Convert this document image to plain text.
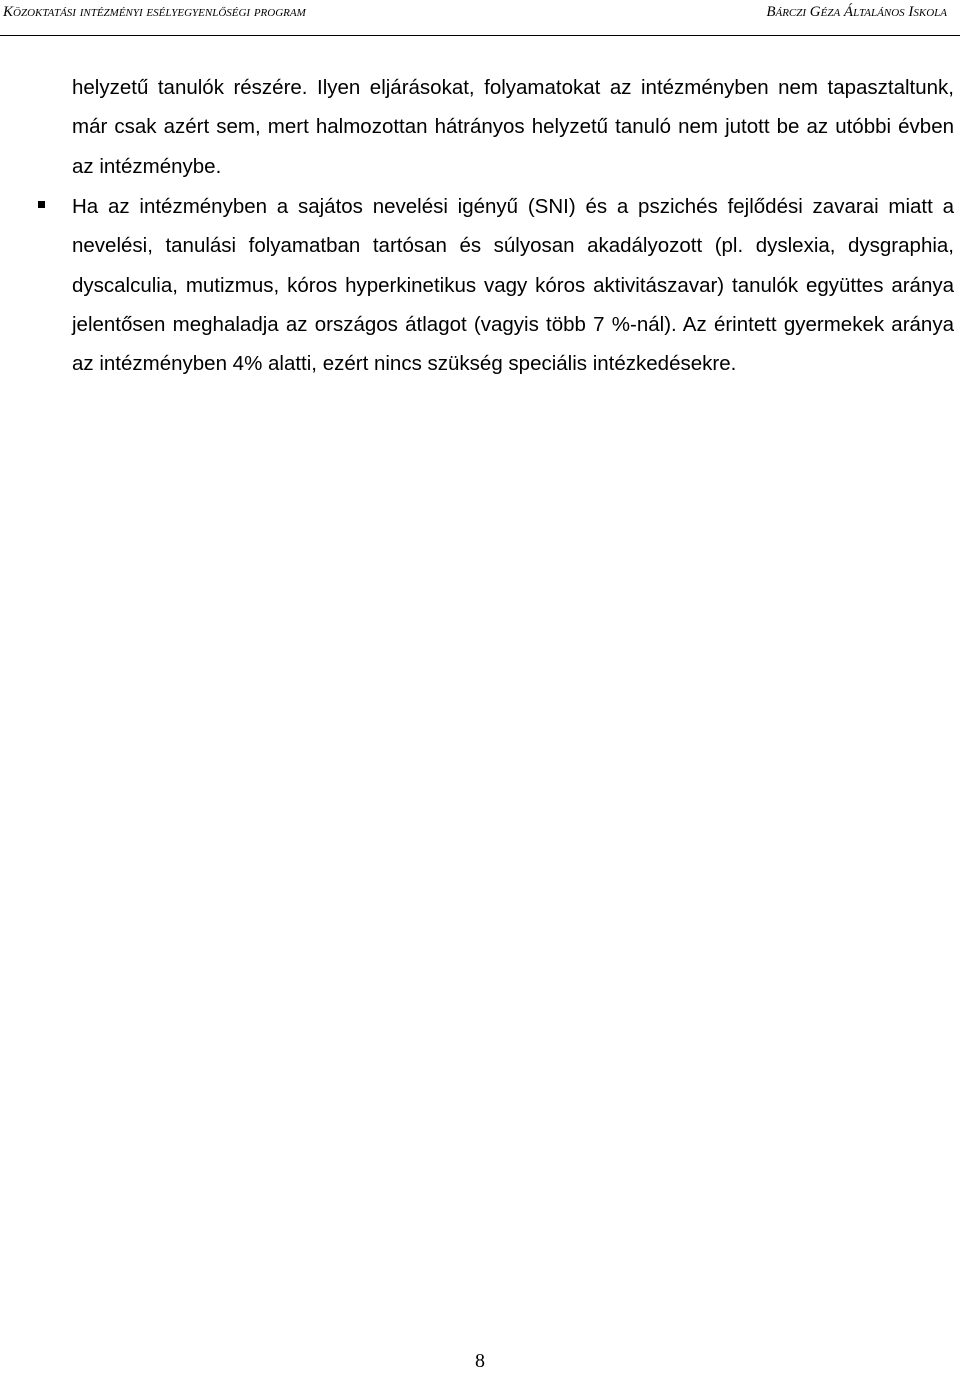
Közoktatási intézményi esélyegyenlőségi program	Bárczi Géza Általános Iskola

helyzetű tanulók részére. Ilyen eljárásokat, folyamatokat az intézményben nem tapasztaltunk, már csak azért sem, mert halmozottan hátrányos helyzetű tanuló nem jutott be az utóbbi évben az intézménybe.

Ha az intézményben a sajátos nevelési igényű (SNI) és a pszichés fejlődési zavarai miatt a nevelési, tanulási folyamatban tartósan és súlyosan akadályozott (pl. dyslexia, dysgraphia, dyscalculia, mutizmus, kóros hyperkinetikus vagy kóros aktivitászavar) tanulók együttes aránya jelentősen meghaladja az országos átlagot (vagyis több 7 %-nál). Az érintett gyermekek aránya az intézményben 4% alatti, ezért nincs szükség speciális intézkedésekre.

8
